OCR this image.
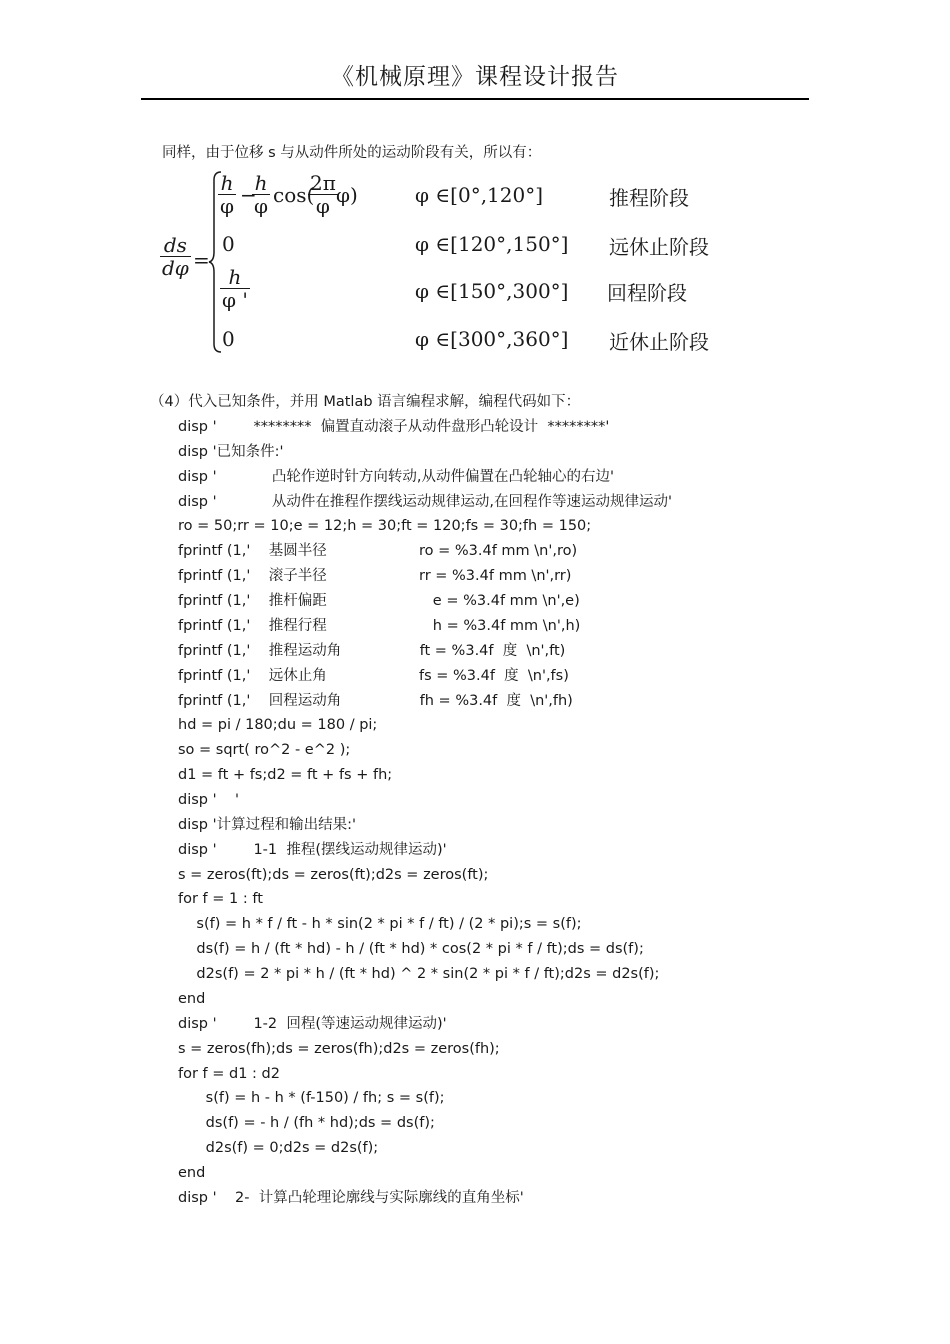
《机械原理》课程设计报告
同样，由于位移 s 与从动件所处的运动阶段有关，所以有：
$\frac{ds}{d\varphi}$ =
$\frac{h}{\varphi}$ −
$\frac{h}{\varphi} \cos$(
$\frac{2\pi}{\varphi}$
φ)	φ ∈[0°,120°]	推程阶段
0	φ ∈[120°,150°] 远休止阶段
$\frac{h}{\varphi '}$	φ ∈[150°,300°] 回程阶段
0	φ ∈[300°,360°] 近休止阶段
（4）代入已知条件，并用 Matlab 语言编程求解，编程代码如下：
disp '        ********  偏置直动滚子从动件盘形凸轮设计  ********'
disp '已知条件:'
disp '            凸轮作逆时针方向转动,从动件偏置在凸轮轴心的右边'
disp '            从动件在推程作摆线运动规律运动,在回程作等速运动规律运动'
ro = 50;rr = 10;e = 12;h = 30;ft = 120;fs = 30;fh = 150;
fprintf (1,'    基圆半径                    ro = %3.4f mm \n',ro)
fprintf (1,'    滚子半径                    rr = %3.4f mm \n',rr)
fprintf (1,'    推杆偏距                       e = %3.4f mm \n',e)
fprintf (1,'    推程行程                       h = %3.4f mm \n',h)
fprintf (1,'    推程运动角                 ft = %3.4f  度  \n',ft)
fprintf (1,'    远休止角                    fs = %3.4f  度  \n',fs)
fprintf (1,'    回程运动角                 fh = %3.4f  度  \n',fh)
hd = pi / 180;du = 180 / pi;
so = sqrt( ro^2 - e^2 );
d1 = ft + fs;d2 = ft + fs + fh;
disp '    '
disp '计算过程和输出结果:'
disp '        1-1  推程(摆线运动规律运动)'
s = zeros(ft);ds = zeros(ft);d2s = zeros(ft);
for f = 1 : ft
s(f) = h * f / ft - h * sin(2 * pi * f / ft) / (2 * pi);s = s(f);
ds(f) = h / (ft * hd) - h / (ft * hd) * cos(2 * pi * f / ft);ds = ds(f);
d2s(f) = 2 * pi * h / (ft * hd) ^ 2 * sin(2 * pi * f / ft);d2s = d2s(f);
end
disp '        1-2  回程(等速运动规律运动)'
s = zeros(fh);ds = zeros(fh);d2s = zeros(fh);
for f = d1 : d2
s(f) = h - h * (f-150) / fh; s = s(f);
ds(f) = - h / (fh * hd);ds = ds(f);
d2s(f) = 0;d2s = d2s(f);
end
disp '    2-  计算凸轮理论廓线与实际廓线的直角坐标'
